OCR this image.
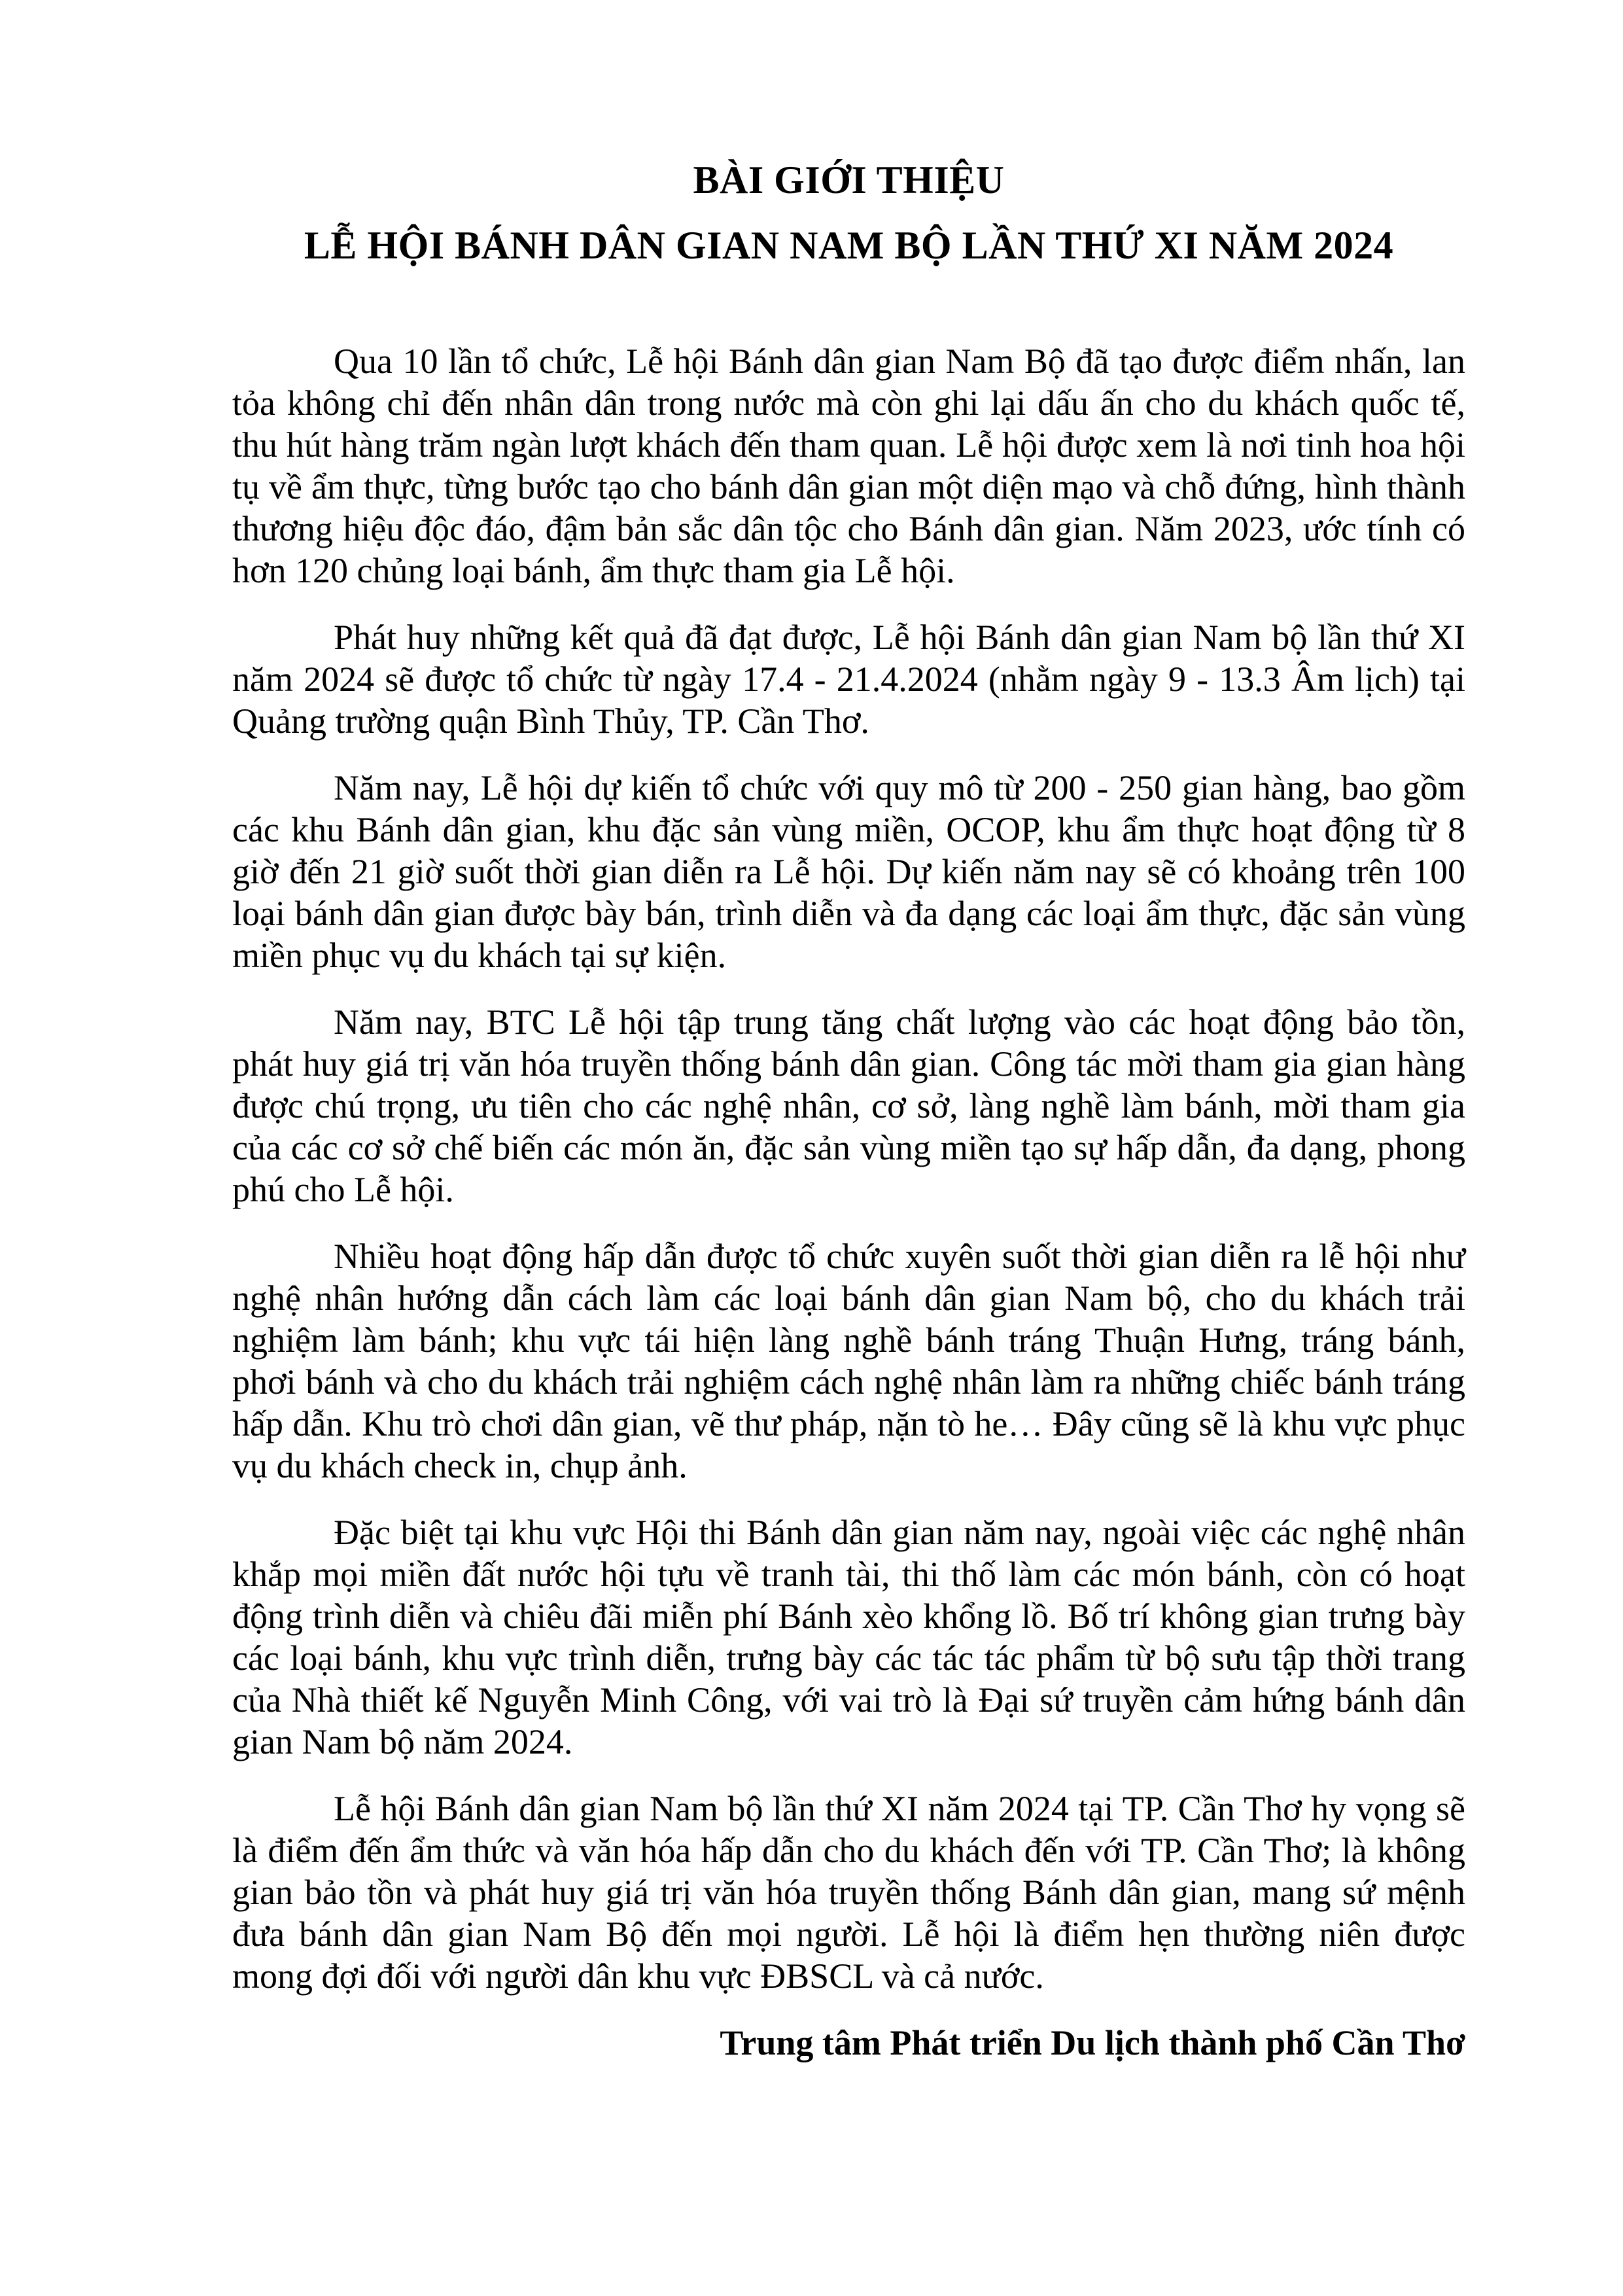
BÀI GIỚI THIỆU
LỄ HỘI BÁNH DÂN GIAN NAM BỘ LẦN THỨ XI NĂM 2024

Qua 10 lần tổ chức, Lễ hội Bánh dân gian Nam Bộ đã tạo được điểm nhấn, lan tỏa không chỉ đến nhân dân trong nước mà còn ghi lại dấu ấn cho du khách quốc tế, thu hút hàng trăm ngàn lượt khách đến tham quan. Lễ hội được xem là nơi tinh hoa hội tụ về ẩm thực, từng bước tạo cho bánh dân gian một diện mạo và chỗ đứng, hình thành thương hiệu độc đáo, đậm bản sắc dân tộc cho Bánh dân gian. Năm 2023, ước tính có hơn 120 chủng loại bánh, ẩm thực tham gia Lễ hội.

Phát huy những kết quả đã đạt được, Lễ hội Bánh dân gian Nam bộ lần thứ XI năm 2024 sẽ được tổ chức từ ngày 17.4 - 21.4.2024 (nhằm ngày 9 - 13.3 Âm lịch) tại Quảng trường quận Bình Thủy, TP. Cần Thơ.

Năm nay, Lễ hội dự kiến tổ chức với quy mô từ 200 - 250 gian hàng, bao gồm các khu Bánh dân gian, khu đặc sản vùng miền, OCOP, khu ẩm thực hoạt động từ 8 giờ đến 21 giờ suốt thời gian diễn ra Lễ hội. Dự kiến năm nay sẽ có khoảng trên 100 loại bánh dân gian được bày bán, trình diễn và đa dạng các loại ẩm thực, đặc sản vùng miền phục vụ du khách tại sự kiện.

Năm nay, BTC Lễ hội tập trung tăng chất lượng vào các hoạt động bảo tồn, phát huy giá trị văn hóa truyền thống bánh dân gian. Công tác mời tham gia gian hàng được chú trọng, ưu tiên cho các nghệ nhân, cơ sở, làng nghề làm bánh, mời tham gia của các cơ sở chế biến các món ăn, đặc sản vùng miền tạo sự hấp dẫn, đa dạng, phong phú cho Lễ hội.

Nhiều hoạt động hấp dẫn được tổ chức xuyên suốt thời gian diễn ra lễ hội như nghệ nhân hướng dẫn cách làm các loại bánh dân gian Nam bộ, cho du khách trải nghiệm làm bánh; khu vực tái hiện làng nghề bánh tráng Thuận Hưng, tráng bánh, phơi bánh và cho du khách trải nghiệm cách nghệ nhân làm ra những chiếc bánh tráng hấp dẫn. Khu trò chơi dân gian, vẽ thư pháp, nặn tò he… Đây cũng sẽ là khu vực phục vụ du khách check in, chụp ảnh.

Đặc biệt tại khu vực Hội thi Bánh dân gian năm nay, ngoài việc các nghệ nhân khắp mọi miền đất nước hội tựu về tranh tài, thi thố làm các món bánh, còn có hoạt động trình diễn và chiêu đãi miễn phí Bánh xèo khổng lồ. Bố trí không gian trưng bày các loại bánh, khu vực trình diễn, trưng bày các tác tác phẩm từ bộ sưu tập thời trang của Nhà thiết kế Nguyễn Minh Công, với vai trò là Đại sứ truyền cảm hứng bánh dân gian Nam bộ năm 2024.

Lễ hội Bánh dân gian Nam bộ lần thứ XI năm 2024 tại TP. Cần Thơ hy vọng sẽ là điểm đến ẩm thức và văn hóa hấp dẫn cho du khách đến với TP. Cần Thơ; là không gian bảo tồn và phát huy giá trị văn hóa truyền thống Bánh dân gian, mang sứ mệnh đưa bánh dân gian Nam Bộ đến mọi người. Lễ hội là điểm hẹn thường niên được mong đợi đối với người dân khu vực ĐBSCL và cả nước.

Trung tâm Phát triển Du lịch thành phố Cần Thơ
